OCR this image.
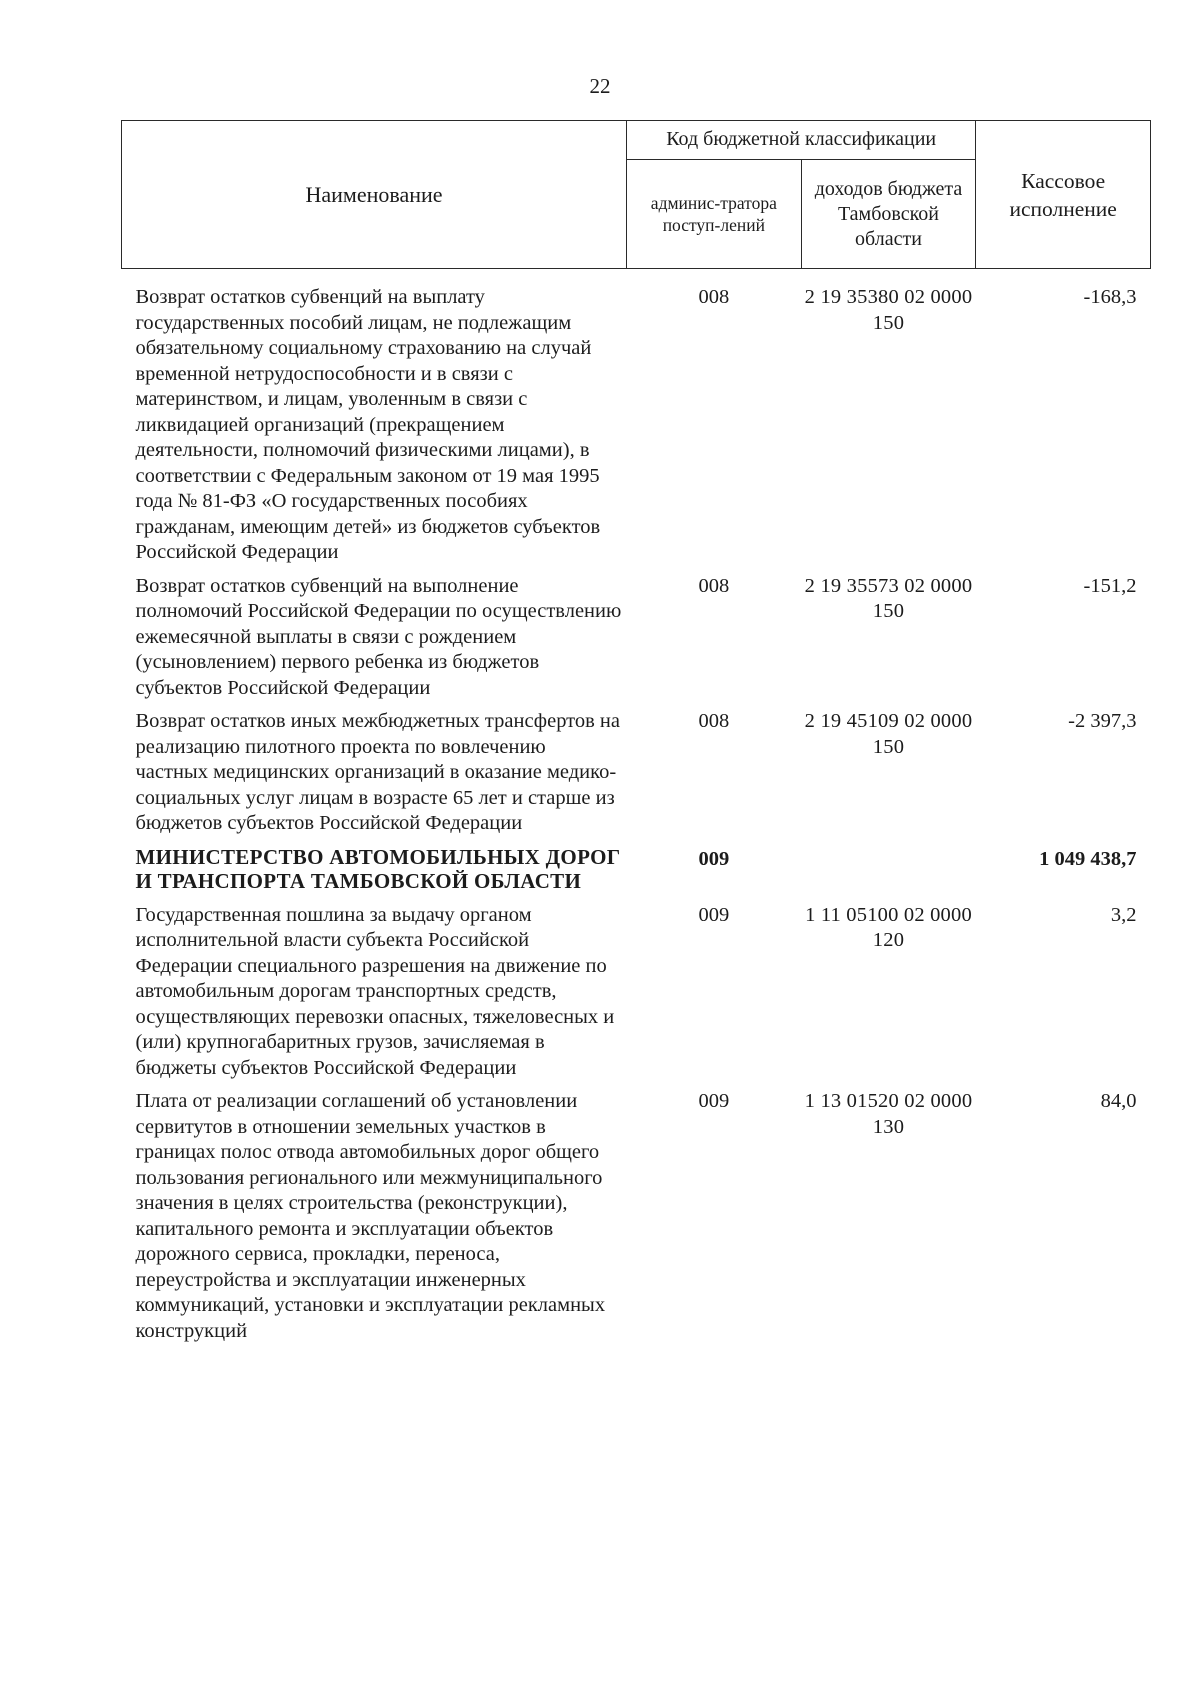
22
Наименование	Код бюджетной классификации		Кассовое исполнение
	админис-тратора поступ-лений	доходов бюджета Тамбовской области	
Возврат остатков субвенций на выплату государственных пособий лицам, не подлежащим обязательному социальному страхованию на случай временной нетрудоспособности и в связи с материнством, и лицам, уволенным в связи с ликвидацией организаций (прекращением деятельности, полномочий физическими лицами), в соответствии с Федеральным законом от 19 мая 1995 года № 81-ФЗ «О государственных пособиях гражданам, имеющим детей» из бюджетов субъектов Российской Федерации	008	2 19 35380 02 0000 150	-168,3
Возврат остатков субвенций на выполнение полномочий Российской Федерации по осуществлению ежемесячной выплаты в связи с рождением (усыновлением) первого ребенка из бюджетов субъектов Российской Федерации	008	2 19 35573 02 0000 150	-151,2
Возврат остатков иных межбюджетных трансфертов на реализацию пилотного проекта по вовлечению частных медицинских организаций в оказание медико-социальных услуг лицам в возрасте 65 лет и старше из бюджетов субъектов Российской Федерации	008	2 19 45109 02 0000 150	-2 397,3
МИНИСТЕРСТВО АВТОМОБИЛЬНЫХ ДОРОГ И ТРАНСПОРТА ТАМБОВСКОЙ ОБЛАСТИ	009		1 049 438,7
Государственная пошлина за выдачу органом исполнительной власти субъекта Российской Федерации специального разрешения на движение по автомобильным дорогам транспортных средств, осуществляющих перевозки опасных, тяжеловесных и (или) крупногабаритных грузов, зачисляемая в бюджеты субъектов Российской Федерации	009	1 11 05100 02 0000 120	3,2
Плата от реализации соглашений об установлении сервитутов в отношении земельных участков в границах полос отвода автомобильных дорог общего пользования регионального или межмуниципального значения в целях строительства (реконструкции), капитального ремонта и эксплуатации объектов дорожного сервиса, прокладки, переноса, переустройства и эксплуатации инженерных коммуникаций, установки и эксплуатации рекламных конструкций	009	1 13 01520 02 0000 130	84,0
